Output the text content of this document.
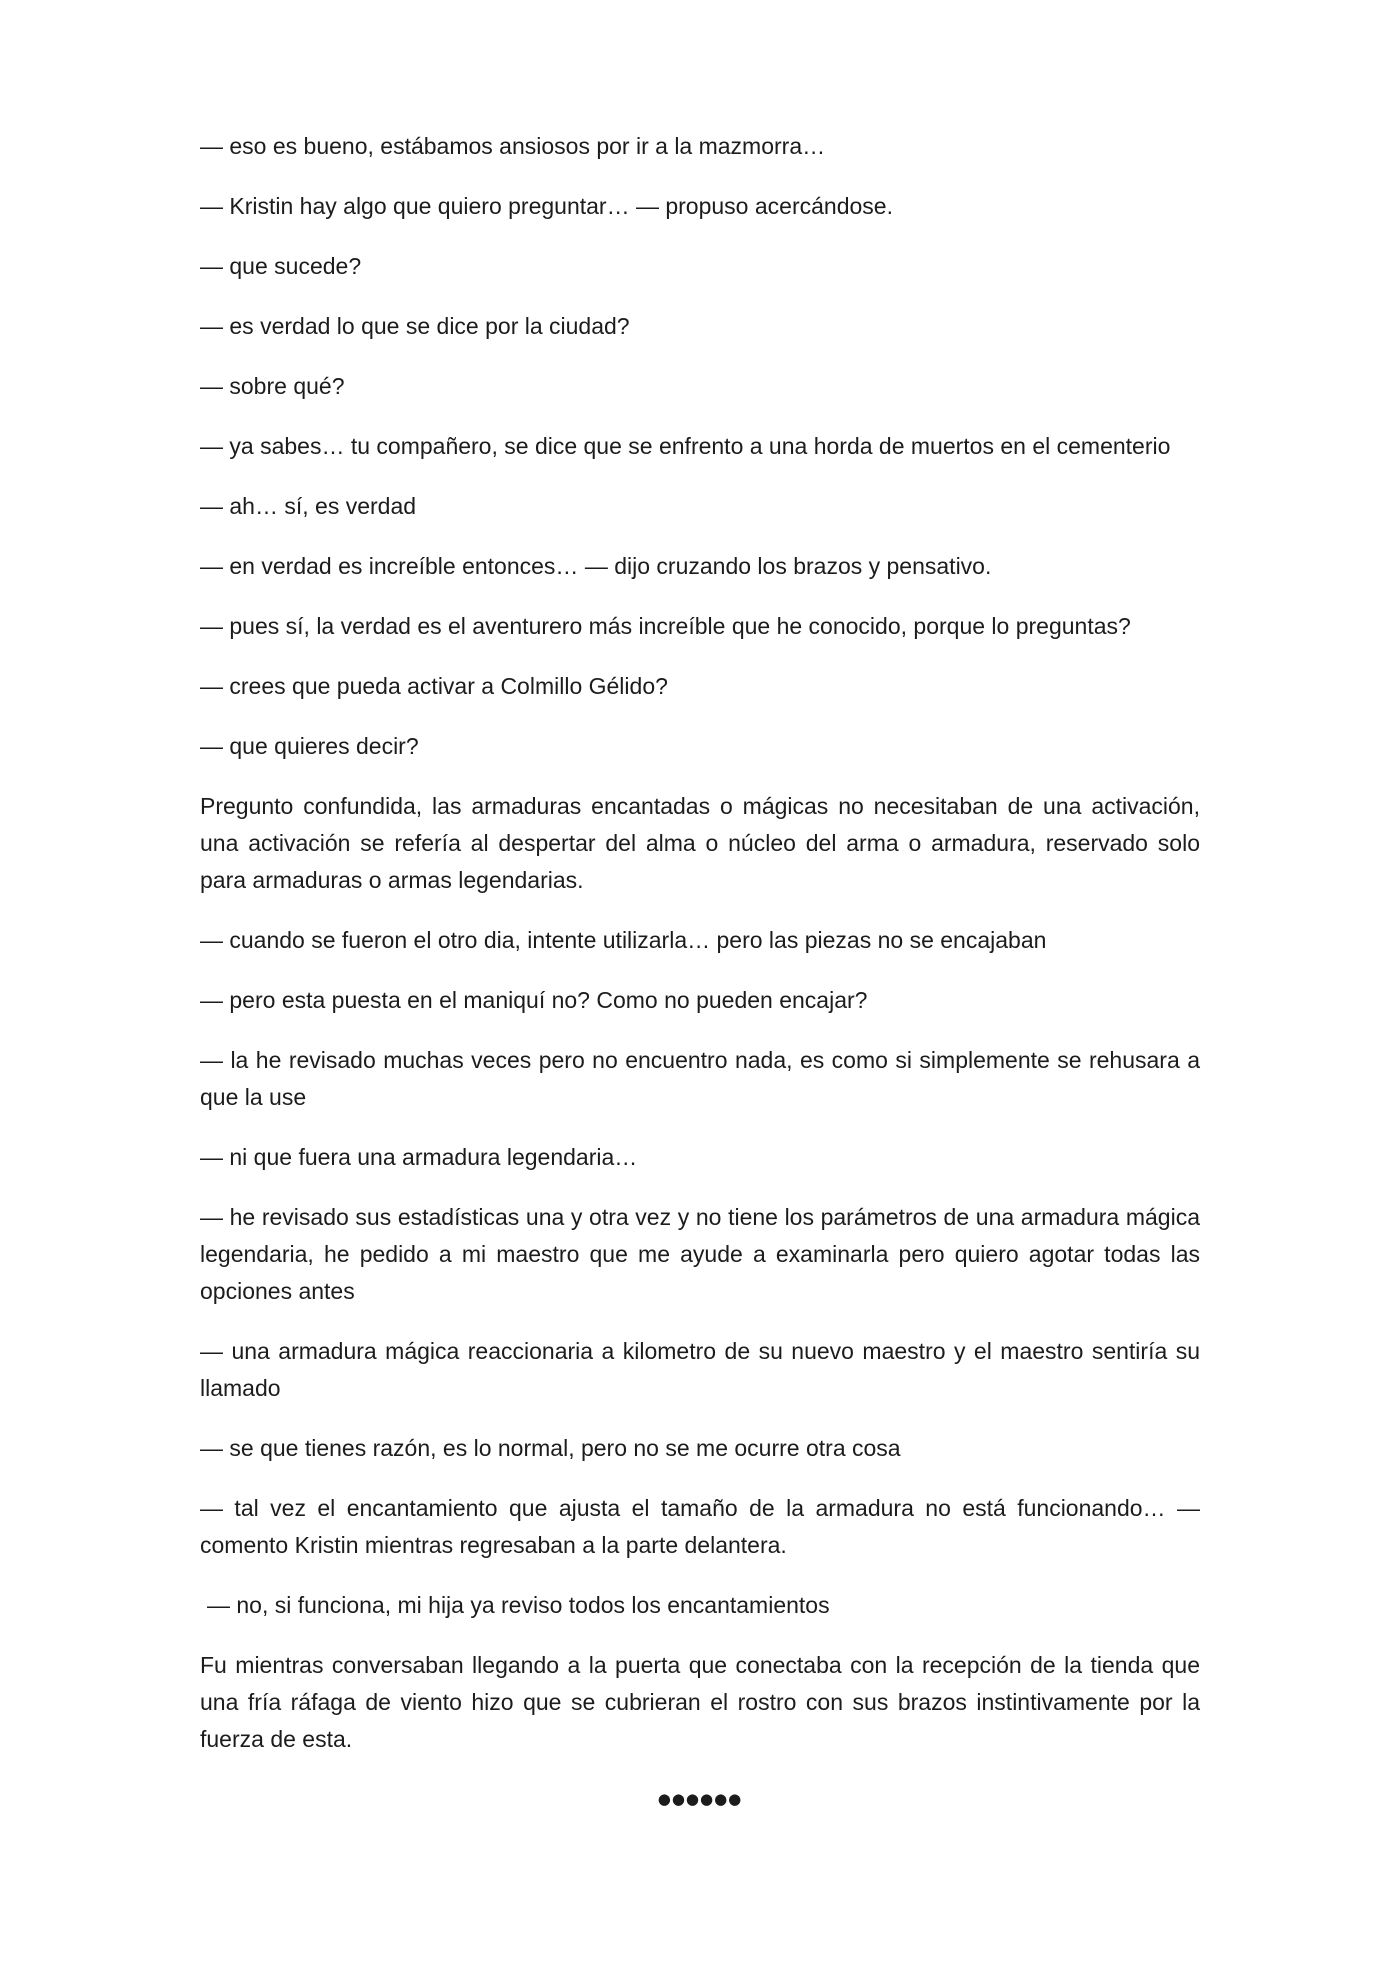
— eso es bueno, estábamos ansiosos por ir a la mazmorra…

— Kristin hay algo que quiero preguntar… — propuso acercándose.

— que sucede?

— es verdad lo que se dice por la ciudad?

— sobre qué?

— ya sabes… tu compañero, se dice que se enfrento a una horda de muertos en el cementerio

— ah… sí, es verdad

— en verdad es increíble entonces… — dijo cruzando los brazos y pensativo.

— pues sí, la verdad es el aventurero más increíble que he conocido, porque lo preguntas?

— crees que pueda activar a Colmillo Gélido?

— que quieres decir?

Pregunto confundida, las armaduras encantadas o mágicas no necesitaban de una activación, una activación se refería al despertar del alma o núcleo del arma o armadura, reservado solo para armaduras o armas legendarias.

— cuando se fueron el otro dia, intente utilizarla… pero las piezas no se encajaban

— pero esta puesta en el maniquí no? Como no pueden encajar?

— la he revisado muchas veces pero no encuentro nada, es como si simplemente se rehusara a que la use

— ni que fuera una armadura legendaria…

— he revisado sus estadísticas una y otra vez y no tiene los parámetros de una armadura mágica legendaria, he pedido a mi maestro que me ayude a examinarla pero quiero agotar todas las opciones antes

— una armadura mágica reaccionaria a kilometro de su nuevo maestro y el maestro sentiría su llamado

— se que tienes razón, es lo normal, pero no se me ocurre otra cosa

— tal vez el encantamiento que ajusta el tamaño de la armadura no está funcionando… — comento Kristin mientras regresaban a la parte delantera.

— no, si funciona, mi hija ya reviso todos los encantamientos

Fu mientras conversaban llegando a la puerta que conectaba con la recepción de la tienda que una fría ráfaga de viento hizo que se cubrieran el rostro con sus brazos instintivamente por la fuerza de esta.

●●●●●●
